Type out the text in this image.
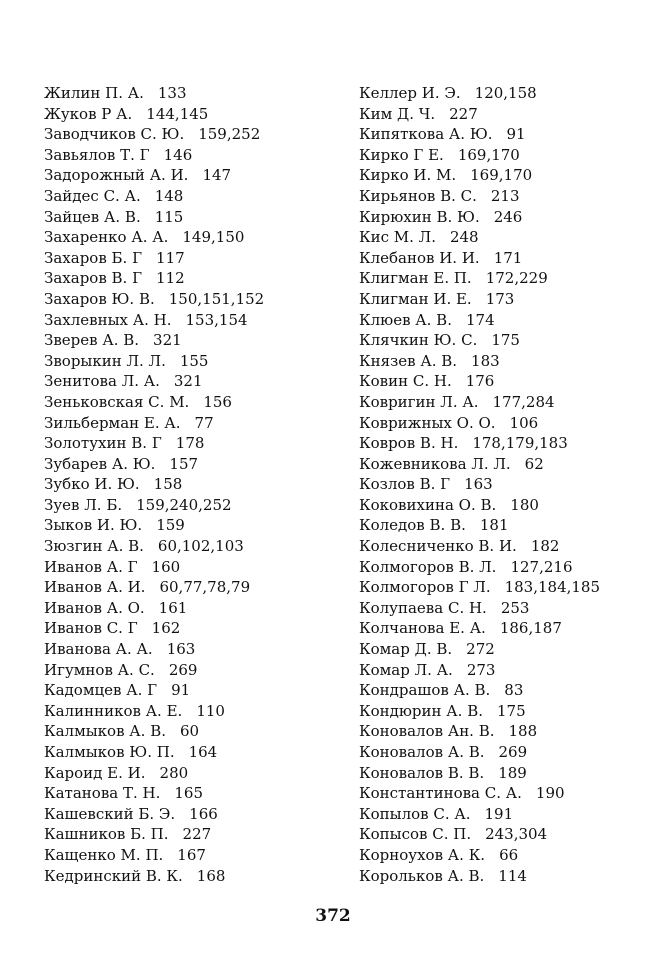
Жилин П. А. 133
Жуков Р А. 144,145
Заводчиков С. Ю. 159,252
Завьялов Т. Г 146
Задорожный А. И. 147
Зайдес С. А. 148
Зайцев А. В. 115
Захаренко А. А. 149,150
Захаров Б. Г 117
Захаров В. Г 112
Захаров Ю. В. 150,151,152
Захлевных А. Н. 153,154
Зверев А. В. 321
Зворыкин Л. Л. 155
Зенитова Л. А. 321
Зеньковская С. М. 156
Зильберман Е. А. 77
Золотухин В. Г 178
Зубарев А. Ю. 157
Зубко И. Ю. 158
Зуев Л. Б. 159,240,252
Зыков И. Ю. 159
Зюзгин А. В. 60,102,103
Иванов А. Г 160
Иванов А. И. 60,77,78,79
Иванов А. О. 161
Иванов С. Г 162
Иванова А. А. 163
Игумнов А. С. 269
Кадомцев А. Г 91
Калинников А. Е. 110
Калмыков А. В. 60
Калмыков Ю. П. 164
Кароид Е. И. 280
Катанова Т. Н. 165
Кашевский Б. Э. 166
Кашников Б. П. 227
Кащенко М. П. 167
Кедринский В. К. 168
Келлер И. Э. 120,158
Ким Д. Ч. 227
Кипяткова А. Ю. 91
Кирко Г Е. 169,170
Кирко И. М. 169,170
Кирьянов В. С. 213
Кирюхин В. Ю. 246
Кис М. Л. 248
Клебанов И. И. 171
Клигман Е. П. 172,229
Клигман И. Е. 173
Клюев А. В. 174
Клячкин Ю. С. 175
Князев А. В. 183
Ковин С. Н. 176
Ковригин Л. А. 177,284
Коврижных О. О. 106
Ковров В. Н. 178,179,183
Кожевникова Л. Л. 62
Козлов В. Г 163
Коковихина О. В. 180
Коледов В. В. 181
Колесниченко В. И. 182
Колмогоров В. Л. 127,216
Колмогоров Г Л. 183,184,185
Колупаева С. Н. 253
Колчанова Е. А. 186,187
Комар Д. В. 272
Комар Л. А. 273
Кондрашов А. В. 83
Кондюрин А. В. 175
Коновалов Ан. В. 188
Коновалов А. В. 269
Коновалов В. В. 189
Константинова С. А. 190
Копылов С. А. 191
Копысов С. П. 243,304
Корноухов А. К. 66
Корольков А. В. 114
372
